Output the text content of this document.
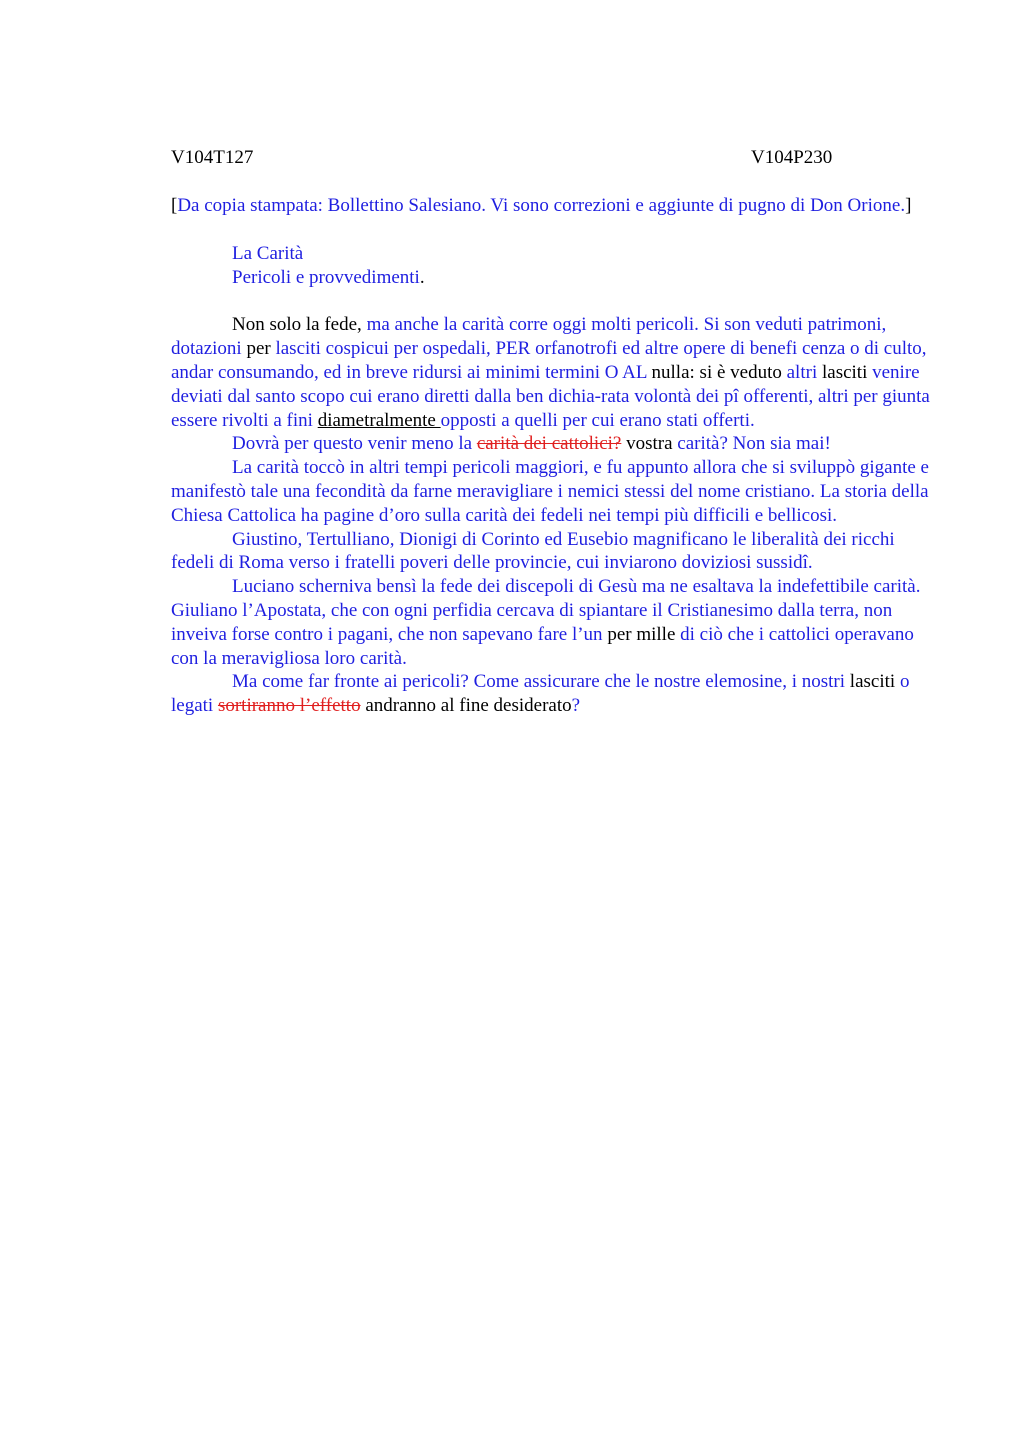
V104T127	V104P230

[Da copia stampata: Bollettino Salesiano. Vi sono correzioni e aggiunte di pugno di Don Orione.]

La Carità
Pericoli e provvedimenti.

Non solo la fede, ma anche la carità corre oggi molti pericoli. Si son veduti patrimoni, dotazioni per lasciti cospicui per ospedali, PER orfanotrofi ed altre opere di benefi cenza o di culto, andar consumando, ed in breve ridursi ai minimi termini O AL nulla: si è veduto altri lasciti venire deviati dal santo scopo cui erano diretti dalla ben dichia-rata volontà dei pî offerenti, altri per giunta essere rivolti a fini diametralmente opposti a quelli per cui erano stati offerti.

Dovrà per questo venir meno la carità dei cattolici? vostra carità? Non sia mai!

La carità toccò in altri tempi pericoli maggiori, e fu appunto allora che si sviluppò gigante e manifestò tale una fecondità da farne meravigliare i nemici stessi del nome cristiano. La storia della Chiesa Cattolica ha pagine d’oro sulla carità dei fedeli nei tempi più difficili e bellicosi.

Giustino, Tertulliano, Dionigi di Corinto ed Eusebio magnificano le liberalità dei ricchi fedeli di Roma verso i fratelli poveri delle provincie, cui inviarono doviziosi sussidî.

Luciano scherniva bensì la fede dei discepoli di Gesù ma ne esaltava la indefettibile carità. Giuliano l’Apostata, che con ogni perfidia cercava di spiantare il Cristianesimo dalla terra, non inveiva forse contro i pagani, che non sapevano fare l’un per mille di ciò che i cattolici operavano con la meravigliosa loro carità.

Ma come far fronte ai pericoli? Come assicurare che le nostre elemosine, i nostri lasciti o legati sortiranno l’effetto andranno al fine desiderato?
